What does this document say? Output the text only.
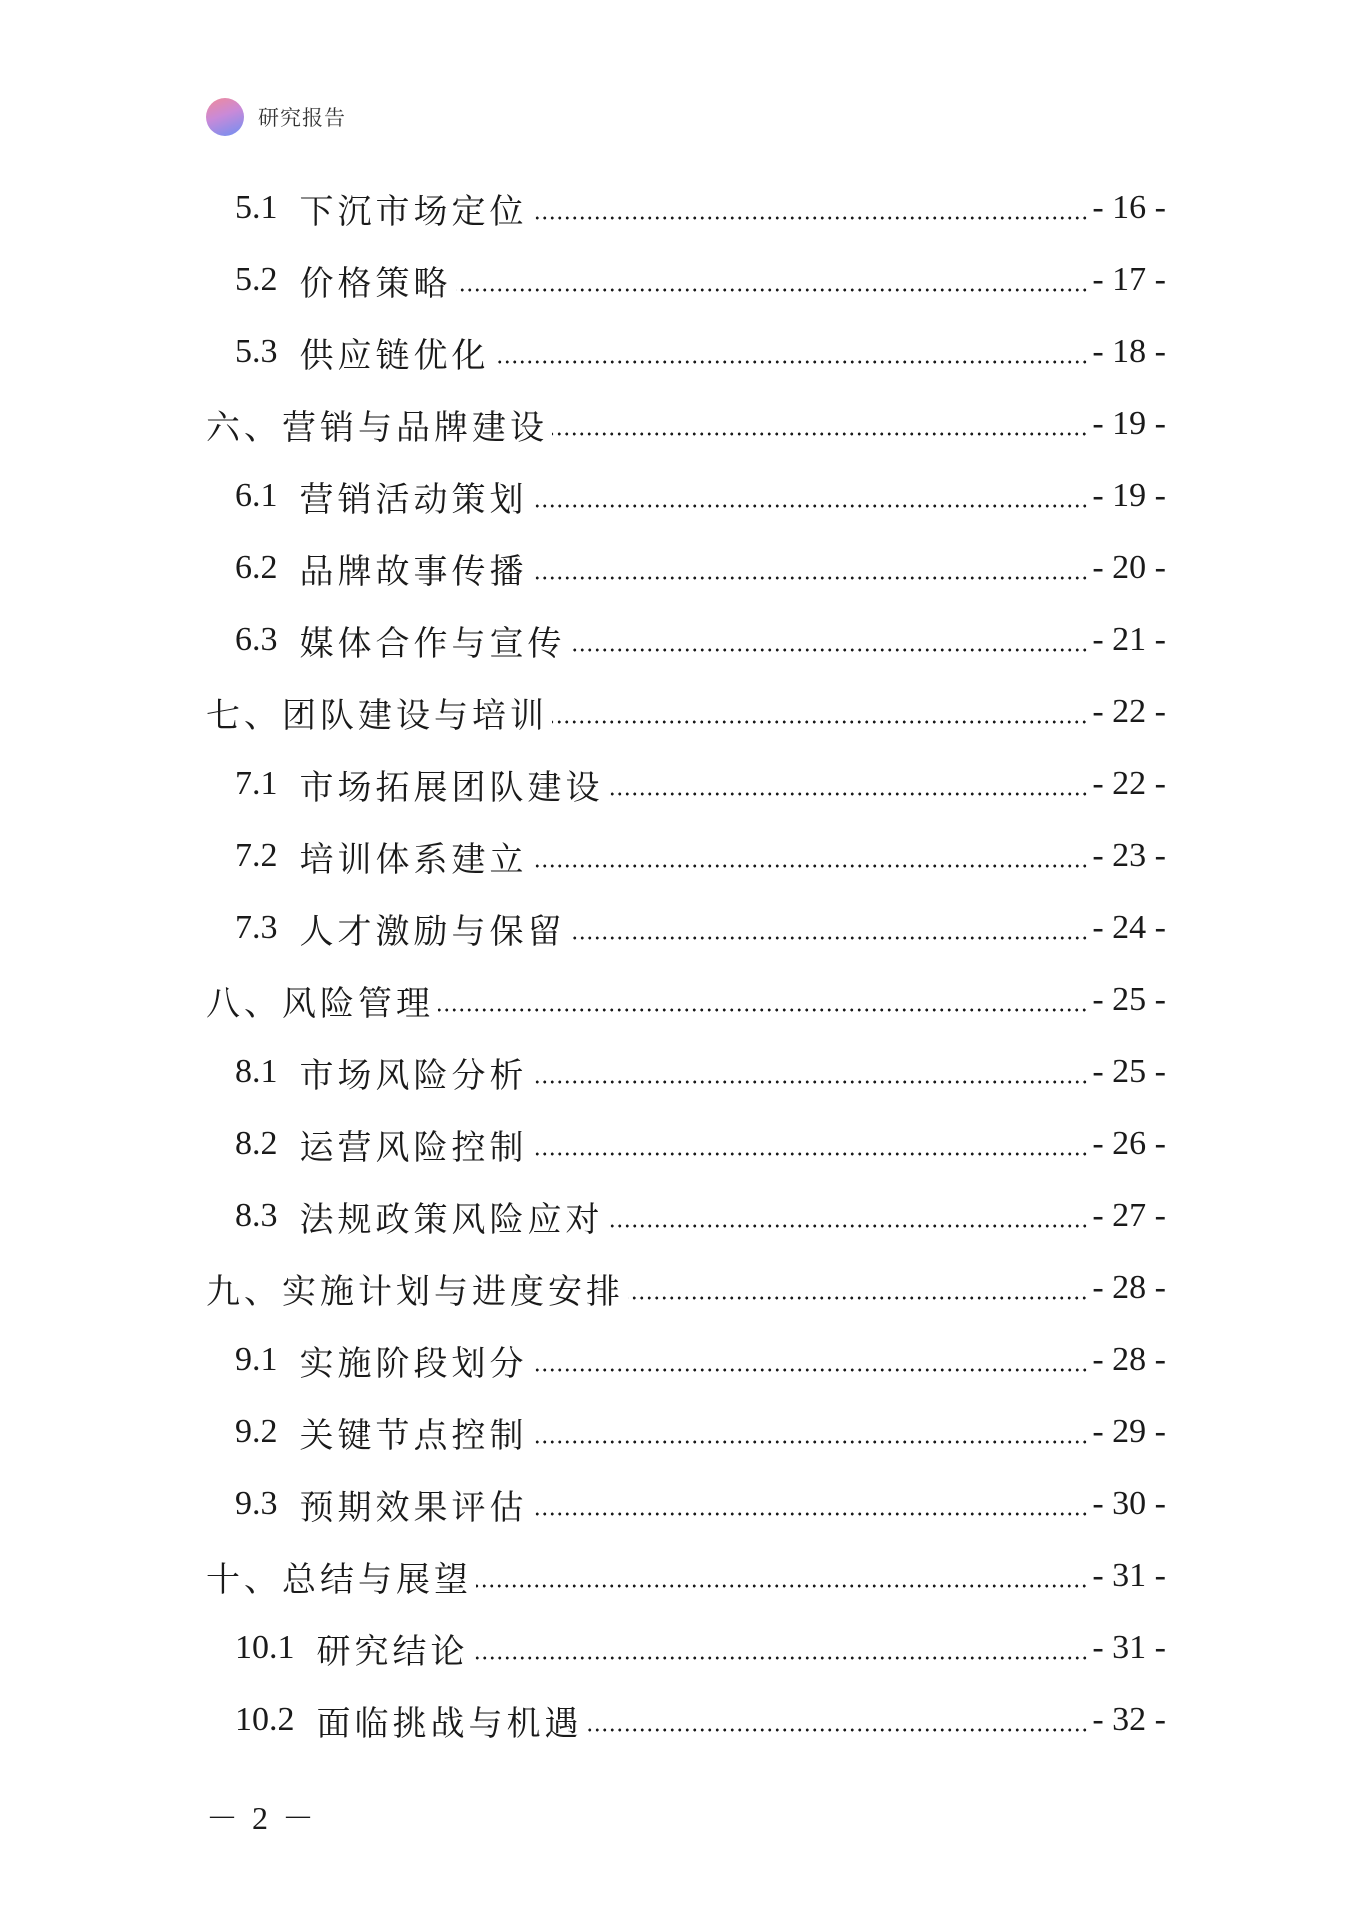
研究报告
5.1 下沉市场定位	- 16 -
5.2 价格策略	- 17 -
5.3 供应链优化	- 18 -
六、营销与品牌建设	- 19 -
6.1 营销活动策划	- 19 -
6.2 品牌故事传播	- 20 -
6.3 媒体合作与宣传	- 21 -
七、团队建设与培训	- 22 -
7.1 市场拓展团队建设	- 22 -
7.2 培训体系建立	- 23 -
7.3 人才激励与保留	- 24 -
八、风险管理	- 25 -
8.1 市场风险分析	- 25 -
8.2 运营风险控制	- 26 -
8.3 法规政策风险应对	- 27 -
九、实施计划与进度安排	- 28 -
9.1 实施阶段划分	- 28 -
9.2 关键节点控制	- 29 -
9.3 预期效果评估	- 30 -
十、总结与展望	- 31 -
10.1 研究结论	- 31 -
10.2 面临挑战与机遇	- 32 -
－ 2 －
